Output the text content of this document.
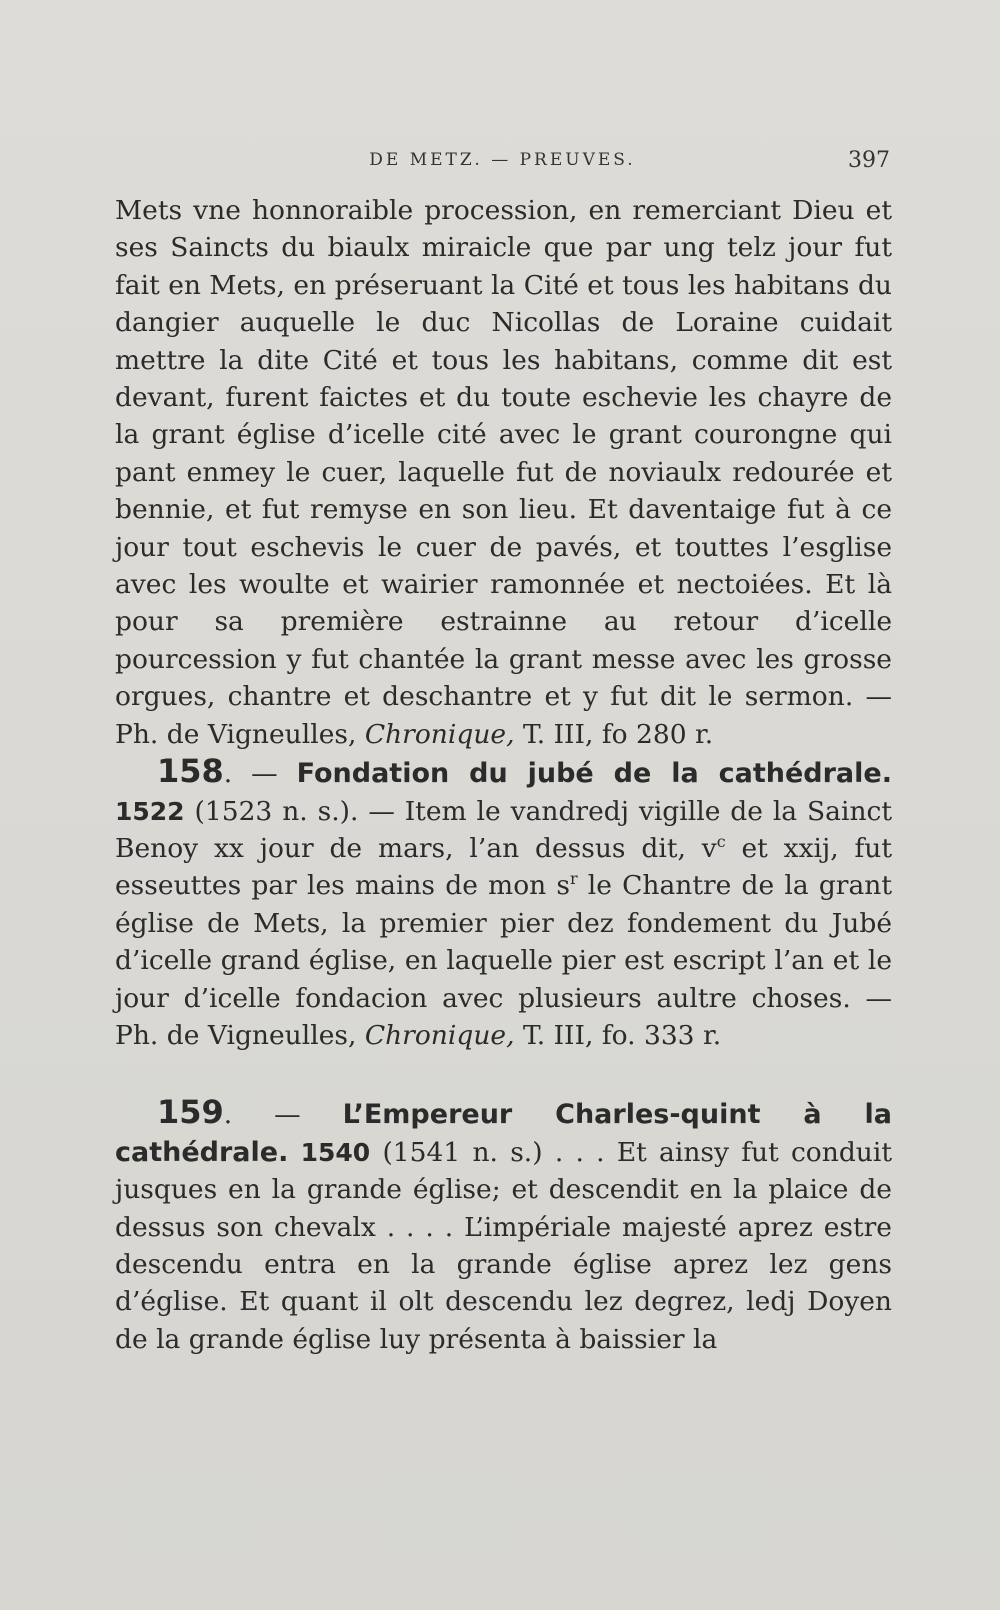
DE METZ. — PREUVES.	397

Mets vne honnoraible procession, en remerciant Dieu et ses Saincts du biaulx miraicle que par ung telz jour fut fait en Mets, en préseruant la Cité et tous les habitans du dangier auquelle le duc Nicollas de Loraine cuidait mettre la dite Cité et tous les habitans, comme dit est devant, furent faictes et du toute eschevie les chayre de la grant église d’icelle cité avec le grant courongne qui pant enmey le cuer, laquelle fut de noviaulx redourée et bennie, et fut remyse en son lieu. Et daventaige fut à ce jour tout eschevis le cuer de pavés, et touttes l’esglise avec les woulte et wairier ramonnée et nectoiées. Et là pour sa première estrainne au retour d’icelle pourcession y fut chantée la grant messe avec les grosse orgues, chantre et deschantre et y fut dit le sermon. — Ph. de Vigneulles, Chronique, T. III, fo 280 r.

158. — Fondation du jubé de la cathédrale. 1522 (1523 n. s.). — Item le vandredj vigille de la Sainct Benoy xx jour de mars, l’an dessus dit, $v^c$ et xxij, fut esseuttes par les mains de mon $s^r$ le Chantre de la grant église de Mets, la premier pier dez fondement du Jubé d’icelle grand église, en laquelle pier est escript l’an et le jour d’icelle fondacion avec plusieurs aultre choses. — Ph. de Vigneulles, Chronique, T. III, fo. 333 r.

159. — L’Empereur Charles-quint à la cathédrale. 1540 (1541 n. s.) . . . Et ainsy fut conduit jusques en la grande église; et descendit en la plaice de dessus son chevalx . . . . L’impériale majesté aprez estre descendu entra en la grande église aprez lez gens d’église. Et quant il olt descendu lez degrez, ledj Doyen de la grande église luy présenta à baissier la
